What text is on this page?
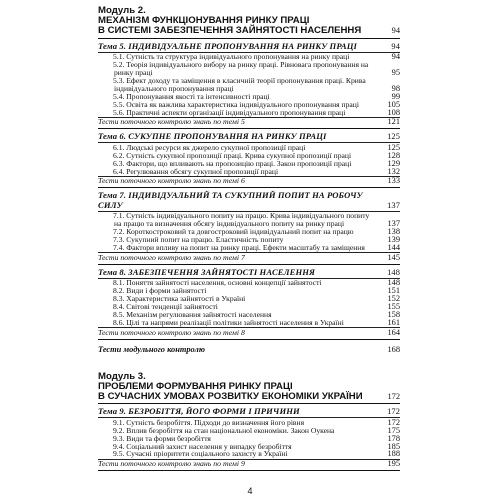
Модуль 2.
МЕХАНІЗМ ФУНКЦІОНУВАННЯ РИНКУ ПРАЦІ
В СИСТЕМІ ЗАБЕЗПЕЧЕННЯ ЗАЙНЯТОСТІ НАСЕЛЕННЯ	94
Тема 5. ІНДИВІДУАЛЬНЕ ПРОПОНУВАННЯ НА РИНКУ ПРАЦІ	94
5.1. Сутність та структура індивідуального пропонування на ринку праці	94
5.2. Теорія індивідуального вибору на ринку праці. Рівновага пропонування на ринку праці	95
5.3. Ефект доходу та заміщення в класичній теорії пропонування праці. Крива індивідуального пропонування праці	98
5.4. Пропонування якості та інтенсивності праці	99
5.5. Освіта як важлива характеристика індивідуального пропонування праці	105
5.6. Практичні аспекти організації індивідуального пропонування праці	108
Тести поточного контролю знань по темі 5	121
Тема 6. СУКУПНЕ ПРОПОНУВАННЯ НА РИНКУ ПРАЦІ	125
6.1. Людські ресурси як джерело сукупної пропозиції праці	125
6.2. Сутність сукупної пропозиції праці. Крива сукупної пропозиції праці	128
6.3. Фактори, що впливають на пропозицію праці. Закон пропозиції праці	129
6.4. Регулювання обсягу сукупної пропозиції праці	132
Тести поточного контролю знань по темі 6	133
Тема 7. ІНДИВІДУАЛЬНИЙ ТА СУКУПНИЙ ПОПИТ НА РОБОЧУ СИЛУ	137
7.1. Сутність індивідуального попиту на працю. Крива індивідуального попиту на працю та визначення обсягу індивідуального попиту на ринку праці	137
7.2. Короткостроковий та довгостроковий індивідуальний попит на працю	138
7.3. Сукупний попит на працю. Еластичність попиту	139
7.4. Фактори впливу на попит на ринку праці. Ефекти масштабу та заміщення	144
Тести поточного контролю знань по темі 7	145
Тема 8. ЗАБЕЗПЕЧЕННЯ ЗАЙНЯТОСТІ НАСЕЛЕННЯ	148
8.1. Поняття зайнятості населення, основні концепції зайнятості	148
8.2. Види і форми зайнятості	151
8.3. Характеристика зайнятості в Україні	152
8.4. Світові тенденції зайнятості	155
8.5. Механізм регулювання зайнятості населення	158
8.6. Цілі та напрями реалізації політики зайнятості населення в Україні	161
Тести поточного контролю знань по темі 8	164
Тести модульного контролю	168
Модуль 3.
ПРОБЛЕМИ ФОРМУВАННЯ РИНКУ ПРАЦІ
В СУЧАСНИХ УМОВАХ РОЗВИТКУ ЕКОНОМІКИ УКРАЇНИ	172
Тема 9. БЕЗРОБІТТЯ, ЙОГО ФОРМИ І ПРИЧИНИ	172
9.1. Сутність безробіття. Підходи до визначення його рівня	172
9.2. Вплив безробіття на стан національної економіки. Закон Оукена	175
9.3. Види та форми безробіття	178
9.4. Соціальний захист населення у випадку безробіття	185
9.5. Сучасні пріоритети соціального захисту в Україні	188
Тести поточного контролю знань по темі 9	195
4
